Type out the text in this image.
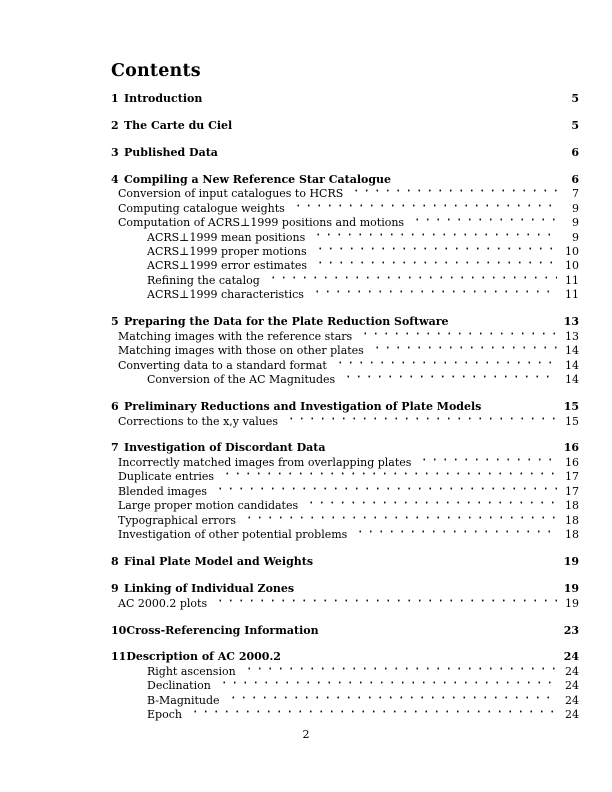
Contents
1 Introduction	5
2 The Carte du Ciel	5
3 Published Data	6
4 Compiling a New Reference Star Catalogue	6
Conversion of input catalogues to HCRS	7
Computing catalogue weights	9
Computation of ACRS⊥1999 positions and motions	9
ACRS⊥1999 mean positions	9
ACRS⊥1999 proper motions	10
ACRS⊥1999 error estimates	10
Refining the catalog	11
ACRS⊥1999 characteristics	11
5 Preparing the Data for the Plate Reduction Software	13
Matching images with the reference stars	13
Matching images with those on other plates	14
Converting data to a standard format	14
Conversion of the AC Magnitudes	14
6 Preliminary Reductions and Investigation of Plate Models	15
Corrections to the x,y values	15
7 Investigation of Discordant Data	16
Incorrectly matched images from overlapping plates	16
Duplicate entries	17
Blended images	17
Large proper motion candidates	18
Typographical errors	18
Investigation of other potential problems	18
8 Final Plate Model and Weights	19
9 Linking of Individual Zones	19
AC 2000.2 plots	19
10 Cross-Referencing Information	23
11 Description of AC 2000.2	24
Right ascension	24
Declination	24
B-Magnitude	24
Epoch	24
2
